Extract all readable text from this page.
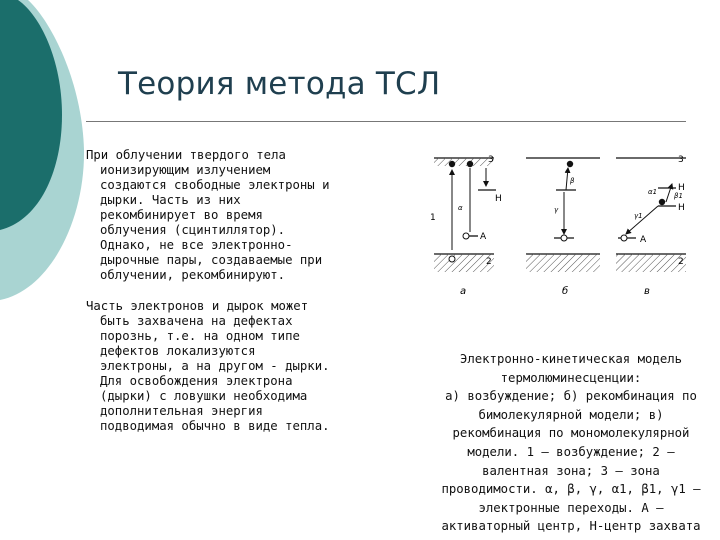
Теория метода ТСЛ
При облучении твердого тела
ионизирующим излучением
создаются свободные электроны и
дырки. Часть из них
рекомбинирует во время
облучения (сцинтиллятор).
Однако, не все электронно-
дырочные пары, создаваемые при
облучении, рекомбинируют.
Часть электронов и дырок может
быть захвачена на дефектах
порознь, т.е. на одном типе
дефектов локализуются
электроны, а на другом - дырки.
Для освобождения электрона
(дырки) с ловушки необходима
дополнительная энергия
подводимая обычно в виде тепла.
3
Н
1
А
2
α
а
β
γ
б
3
Н
Н
А
2
α1
γ1
β1
в
Электронно-кинетическая модель
термолюминесценции:
а) возбуждение; б) рекомбинация по
бимолекулярной модели; в)
рекомбинация по мономолекулярной
модели. 1 – возбуждение; 2 –
валентная зона; 3 – зона
проводимости. α, β, γ, α1, β1, γ1 –
электронные переходы. А –
активаторный центр, Н-центр захвата
